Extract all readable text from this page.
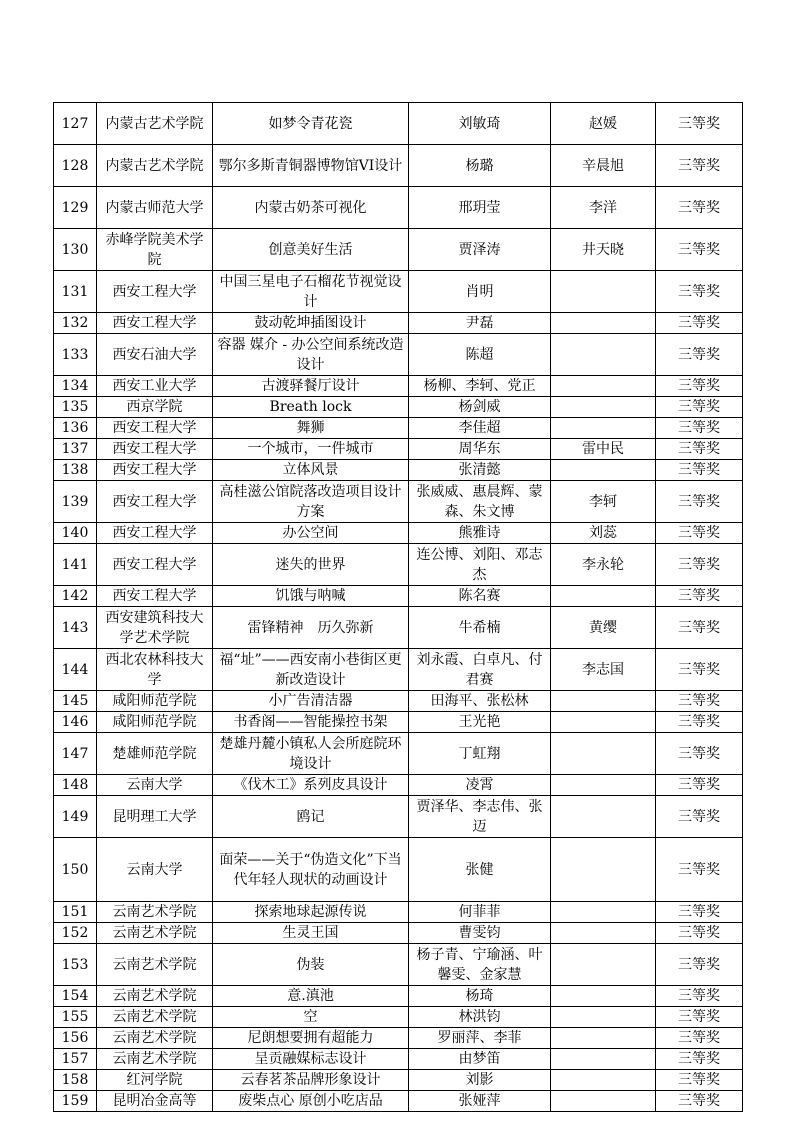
127	内蒙古艺术学院	如梦令青花瓷	刘敏琦	赵媛	三等奖
128	内蒙古艺术学院	鄂尔多斯青铜器博物馆VI设计	杨璐	辛晨旭	三等奖
129	内蒙古师范大学	内蒙古奶茶可视化	邢玥莹	李洋	三等奖
130	赤峰学院美术学院	创意美好生活	贾泽涛	井天晓	三等奖
131	西安工程大学	中国三星电子石榴花节视觉设计	肖明		三等奖
132	西安工程大学	鼓动乾坤插图设计	尹磊		三等奖
133	西安石油大学	容器 媒介 - 办公空间系统改造设计	陈超		三等奖
134	西安工业大学	古渡驿餐厅设计	杨柳、李轲、党正		三等奖
135	西京学院	Breath lock	杨剑威		三等奖
136	西安工程大学	舞狮	李佳超		三等奖
137	西安工程大学	一个城市，一件城市	周华东	雷中民	三等奖
138	西安工程大学	立体风景	张清懿		三等奖
139	西安工程大学	高桂滋公馆院落改造项目设计方案	张威威、惠晨辉、蒙森、朱文博	李轲	三等奖
140	西安工程大学	办公空间	熊雅诗	刘蕊	三等奖
141	西安工程大学	迷失的世界	连公博、刘阳、邓志杰	李永轮	三等奖
142	西安工程大学	饥饿与呐喊	陈名赛		三等奖
143	西安建筑科技大学艺术学院	雷锋精神　历久弥新	牛希楠	黄缨	三等奖
144	西北农林科技大学	福“址”——西安南小巷街区更新改造设计	刘永霞、白卓凡、付君赛	李志国	三等奖
145	咸阳师范学院	小广告清洁器	田海平、张松林		三等奖
146	咸阳师范学院	书香阁——智能操控书架	王光艳		三等奖
147	楚雄师范学院	楚雄丹麓小镇私人会所庭院环境设计	丁虹翔		三等奖
148	云南大学	《伐木工》系列皮具设计	凌霄		三等奖
149	昆明理工大学	鸥记	贾泽华、李志伟、张迈		三等奖
150	云南大学	面荣——关于“伪造文化”下当代年轻人现状的动画设计	张健		三等奖
151	云南艺术学院	探索地球起源传说	何菲菲		三等奖
152	云南艺术学院	生灵王国	曹雯钧		三等奖
153	云南艺术学院	伪装	杨子青、宁瑜涵、叶馨雯、金家慧		三等奖
154	云南艺术学院	意.滇池	杨琦		三等奖
155	云南艺术学院	空	林洪钧		三等奖
156	云南艺术学院	尼朗想要拥有超能力	罗丽萍、李菲		三等奖
157	云南艺术学院	呈贡融媒标志设计	由梦笛		三等奖
158	红河学院	云春茗茶品牌形象设计	刘影		三等奖
159	昆明冶金高等	废柴点心 原创小吃店品	张娅萍		三等奖
